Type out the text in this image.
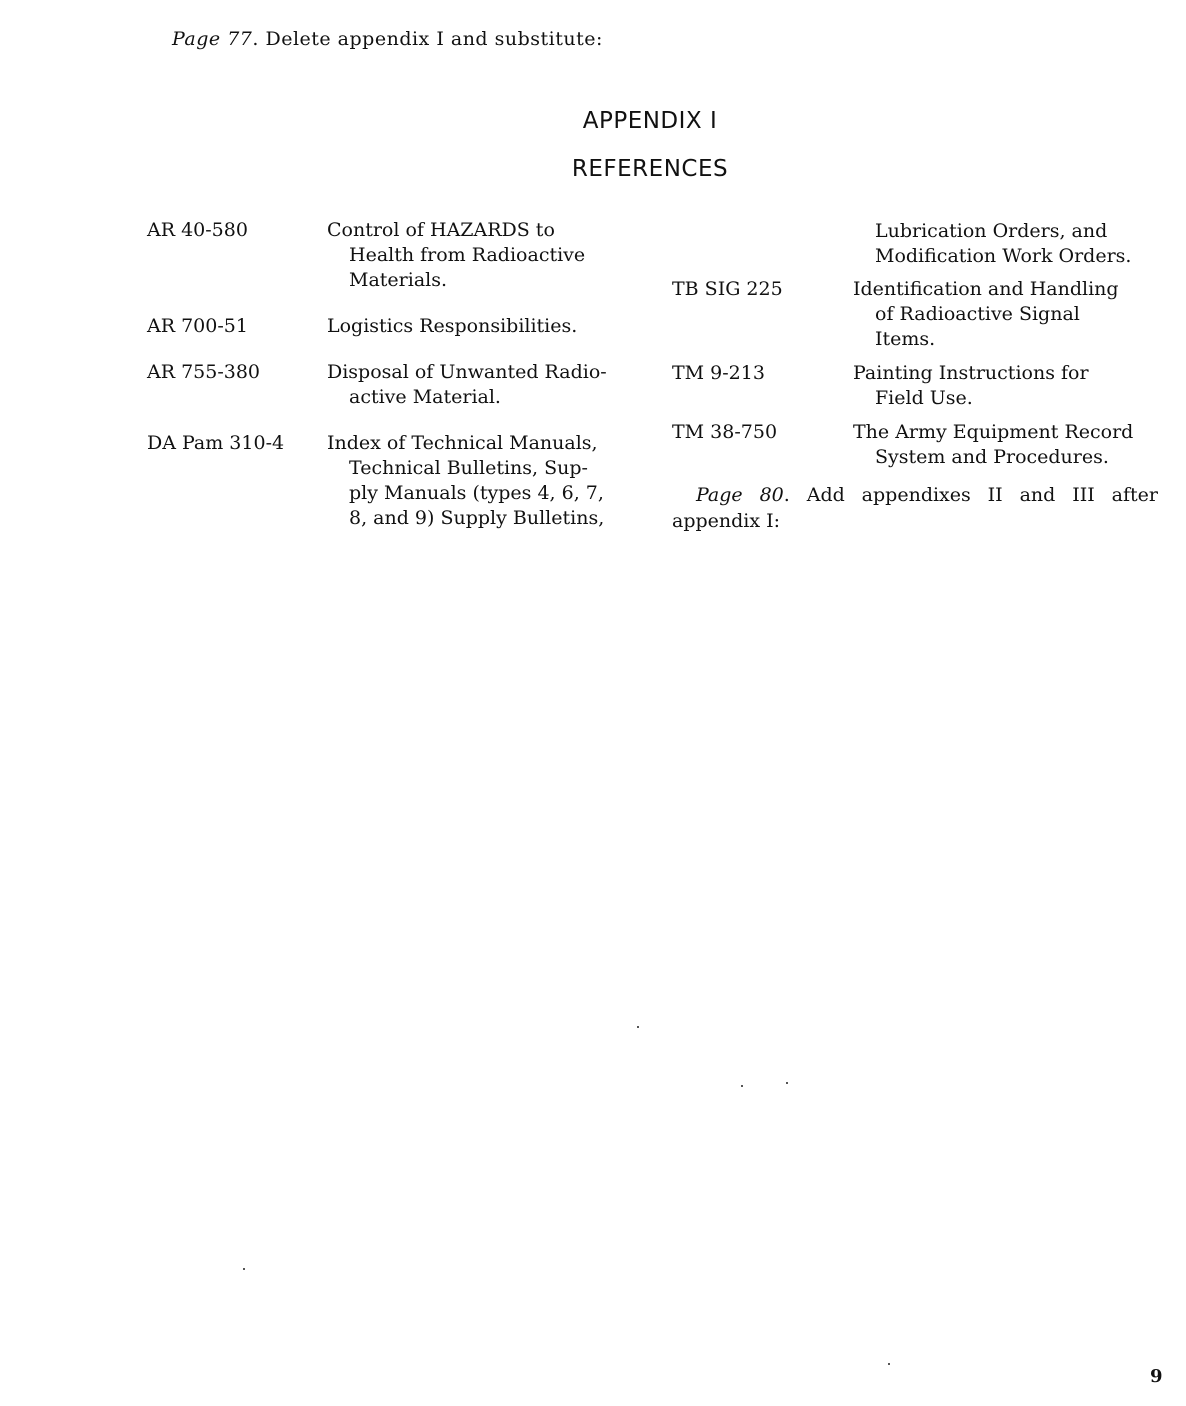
Page 77. Delete appendix I and substitute:
APPENDIX I
REFERENCES
AR 40-580	Control of HAZARDS to
Health from Radioactive
Materials.
AR 700-51	Logistics Responsibilities.
AR 755-380	Disposal of Unwanted Radio-
active Material.
DA Pam 310-4 Index of Technical Manuals,
Technical Bulletins, Sup-
ply Manuals (types 4, 6, 7,
8, and 9) Supply Bulletins,
Lubrication Orders, and
Modification Work Orders.
TB SIG 225	Identification and Handling
of Radioactive Signal
Items.
TM 9-213	Painting Instructions for
Field Use.
TM 38-750	The Army Equipment Record
System and Procedures.
Page 80. Add appendixes II and III after appendix I:
9
